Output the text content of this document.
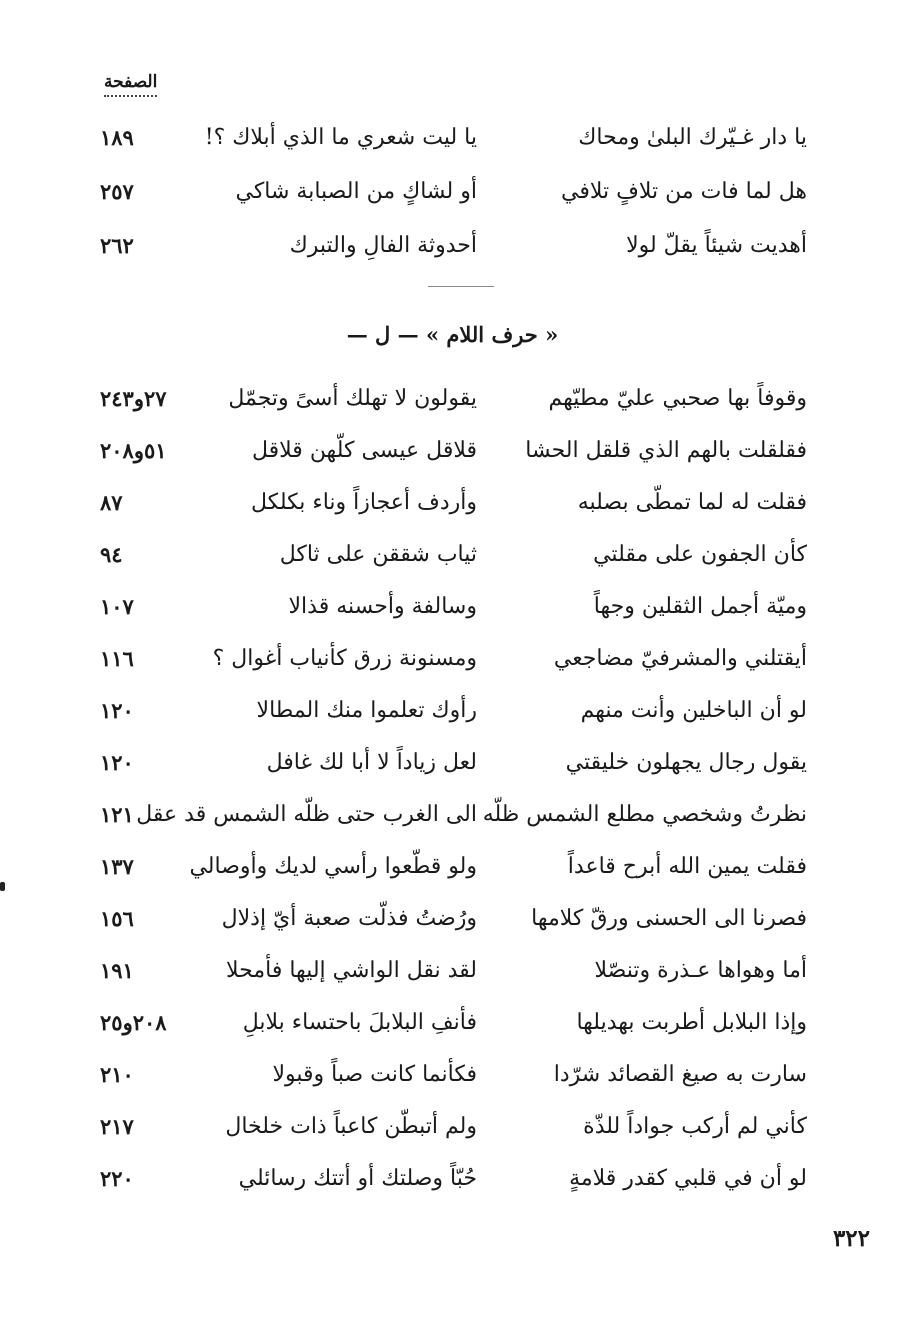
الصفحة
يا دار غـيّرك البلىٰ ومحاك
يا ليت شعري ما الذي أبلاك ؟!
١٨٩
هل لما فات من تلافٍ تلافي
أو لشاكٍ من الصبابة شاكي
٢٥٧
أهديت شيئاً يقلّ لولا
أحدوثة الفالِ والتبرك
٢٦٢
« حرف اللام » — ل —
وقوفاً بها صحبي عليّ مطيّهم
يقولون لا تهلك أسىً وتجمّل
٢٧و٢٤٣
فقلقلت بالهم الذي قلقل الحشا
قلاقل عيسى كلّهن قلاقل
٥١و٢٠٨
فقلت له لما تمطّى بصلبه
وأردف أعجازاً وناء بكلكل
٨٧
كأن الجفون على مقلتي
ثياب شققن على ثاكل
٩٤
وميّة أجمل الثقلين وجهاً
وسالفة وأحسنه قذالا
١٠٧
أيقتلني والمشرفيّ مضاجعي
ومسنونة زرق كأنياب أغوال ؟
١١٦
لو أن الباخلين وأنت منهم
رأوك تعلموا منك المطالا
١٢٠
يقول رجال يجهلون خليقتي
لعل زياداً لا أبا لك غافل
١٢٠
نظرتُ وشخصي مطلع الشمس ظلّه
الى الغرب حتى ظلّه الشمس قد عقل
١٢١
فقلت يمين الله أبرح قاعداً
ولو قطّعوا رأسي لديك وأوصالي
١٣٧
فصرنا الى الحسنى ورقّ كلامها
ورُضتُ فذلّت صعبة أيّ إذلال
١٥٦
أما وهواها عـذرة وتنصّلا
لقد نقل الواشي إليها فأمحلا
١٩١
وإذا البلابل أطربت بهديلها
فأنفِ البلابلَ باحتساء بلابلِ
٢٠٨و٢٥
سارت به صيغ القصائد شرّدا
فكأنما كانت صباً وقبولا
٢١٠
كأني لم أركب جواداً للذّة
ولم أتبطّن كاعباً ذات خلخال
٢١٧
لو أن في قلبي كقدر قلامةٍ
حُبّاً وصلتك أو أتتك رسائلي
٢٢٠
٣٢٢
